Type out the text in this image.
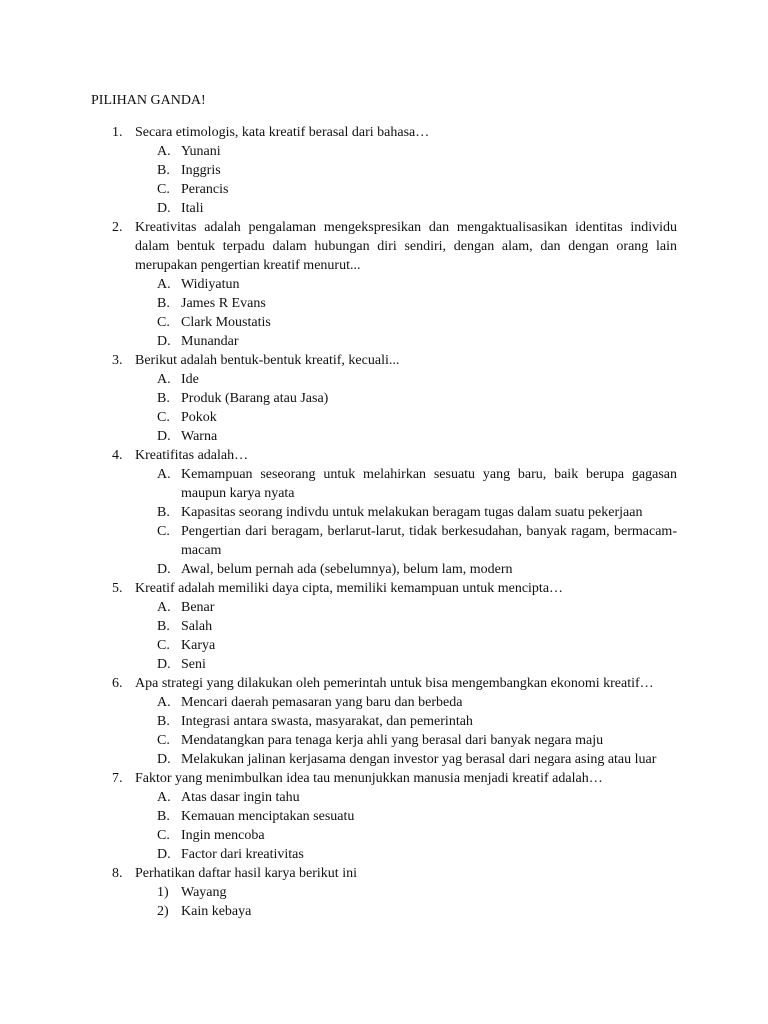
PILIHAN GANDA!
1. Secara etimologis, kata kreatif berasal dari bahasa…
A. Yunani
B. Inggris
C. Perancis
D. Itali
2. Kreativitas adalah pengalaman mengekspresikan dan mengaktualisasikan identitas individu dalam bentuk terpadu dalam hubungan diri sendiri, dengan alam, dan dengan orang lain merupakan pengertian kreatif menurut...
A. Widiyatun
B. James R Evans
C. Clark Moustatis
D. Munandar
3. Berikut adalah bentuk-bentuk kreatif, kecuali...
A. Ide
B. Produk (Barang atau Jasa)
C. Pokok
D. Warna
4. Kreatifitas adalah…
A. Kemampuan seseorang untuk melahirkan sesuatu yang baru, baik berupa gagasan maupun karya nyata
B. Kapasitas seorang indivdu untuk melakukan beragam tugas dalam suatu pekerjaan
C. Pengertian dari beragam, berlarut-larut, tidak berkesudahan, banyak ragam, bermacam-macam
D. Awal, belum pernah ada (sebelumnya), belum lam, modern
5. Kreatif adalah memiliki daya cipta, memiliki kemampuan untuk mencipta…
A. Benar
B. Salah
C. Karya
D. Seni
6. Apa strategi yang dilakukan oleh pemerintah untuk bisa mengembangkan ekonomi kreatif…
A. Mencari daerah pemasaran yang baru dan berbeda
B. Integrasi antara swasta, masyarakat, dan pemerintah
C. Mendatangkan para tenaga kerja ahli yang berasal dari banyak negara maju
D. Melakukan jalinan kerjasama dengan investor yag berasal dari negara asing atau luar
7. Faktor yang menimbulkan idea tau menunjukkan manusia menjadi kreatif adalah…
A. Atas dasar ingin tahu
B. Kemauan menciptakan sesuatu
C. Ingin mencoba
D. Factor dari kreativitas
8. Perhatikan daftar hasil karya berikut ini
1) Wayang
2) Kain kebaya
